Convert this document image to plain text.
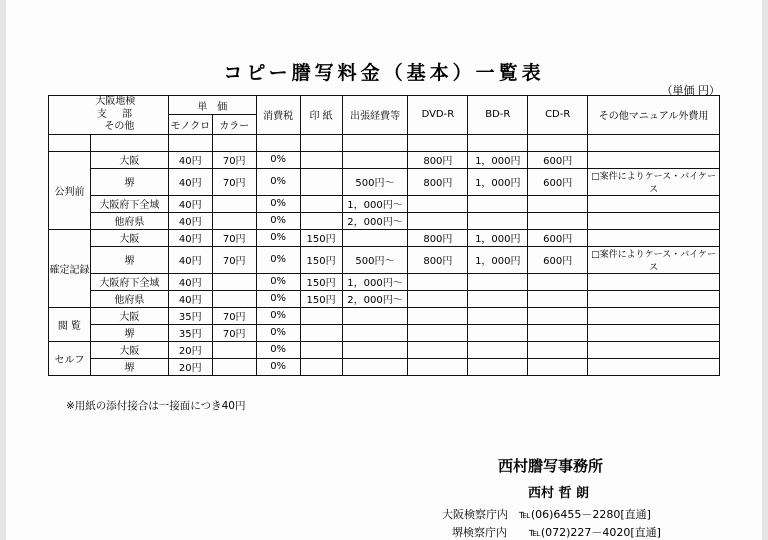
コピー謄写料金（基本）一覧表
（単価 円）
大阪地検
支 部
その他		単　価		消費税	印 紙	出張経費等	DVD-R	BD-R	CD-R	その他マニュアル外費用
		モノクロ	カラー							

公判前	大阪	40円	70円	0%			800円	1，000円	600円	
	堺	40円	70円	0%		500円～	800円	1，000円	600円	□案件によりケース・バイケース
	大阪府下全域	40円		0%		1，000円～				
	他府県	40円		0%		2，000円～				
確定記録	大阪	40円	70円	0%	150円		800円	1，000円	600円	
	堺	40円	70円	0%	150円	500円～	800円	1，000円	600円	□案件によりケース・バイケース
	大阪府下全域	40円		0%	150円	1，000円～				
	他府県	40円		0%	150円	2，000円～				
閲 覧	大阪	35円	70円	0%						
	堺	35円	70円	0%						
セルフ	大阪	20円		0%						
	堺	20円		0%						
※用紙の添付接合は一接面につき40円
西村謄写事務所
西村 哲 朗
大阪検察庁内　℡(06)6455－2280[直通]
堺検察庁内　　℡(072)227－4020[直通]
